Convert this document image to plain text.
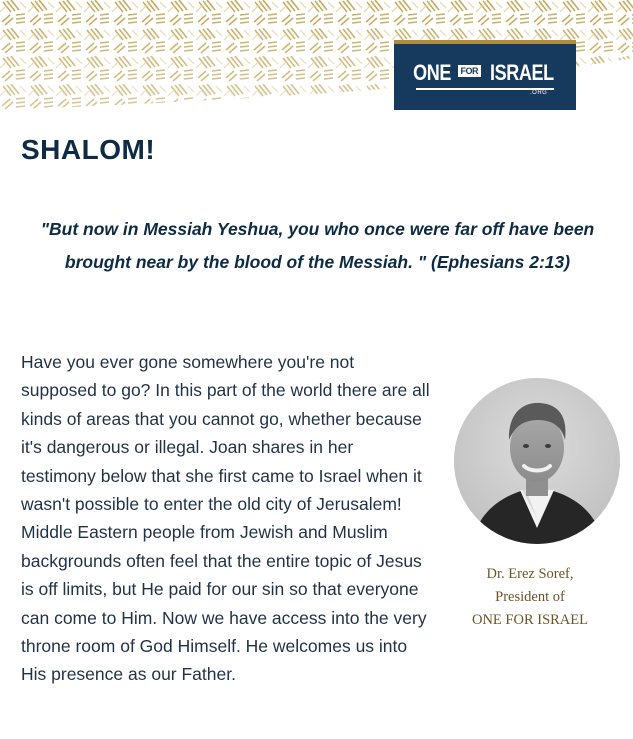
ONE FOR ISRAEL
.ORG
SHALOM!

"But now in Messiah Yeshua, you who once were far off have been brought near by the blood of the Messiah. " (Ephesians 2:13)

Have you ever gone somewhere you're not supposed to go? In this part of the world there are all kinds of areas that you cannot go, whether because it's dangerous or illegal. Joan shares in her testimony below that she first came to Israel when it wasn't possible to enter the old city of Jerusalem! Middle Eastern people from Jewish and Muslim backgrounds often feel that the entire topic of Jesus is off limits, but He paid for our sin so that everyone can come to Him. Now we have access into the very throne room of God Himself. He welcomes us into His presence as our Father.

Dr. Erez Soref,
President of
ONE FOR ISRAEL
